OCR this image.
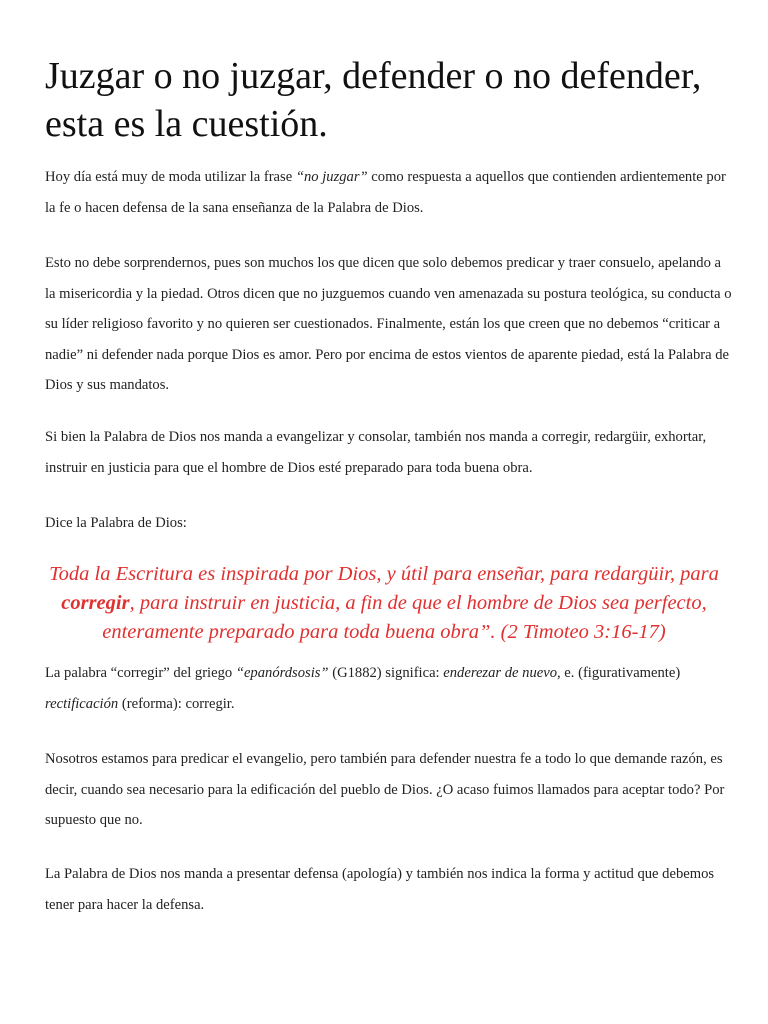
Juzgar o no juzgar, defender o no defender, esta es la cuestión.

Hoy día está muy de moda utilizar la frase “no juzgar” como respuesta a aquellos que contienden ardientemente por la fe o hacen defensa de la sana enseñanza de la Palabra de Dios.

Esto no debe sorprendernos, pues son muchos los que dicen que solo debemos predicar y traer consuelo, apelando a la misericordia y la piedad. Otros dicen que no juzguemos cuando ven amenazada su postura teológica, su conducta o su líder religioso favorito y no quieren ser cuestionados. Finalmente, están los que creen que no debemos “criticar a nadie” ni defender nada porque Dios es amor. Pero por encima de estos vientos de aparente piedad, está la Palabra de Dios y sus mandatos.

Si bien la Palabra de Dios nos manda a evangelizar y consolar, también nos manda a corregir, redargüir, exhortar, instruir en justicia para que el hombre de Dios esté preparado para toda buena obra.

Dice la Palabra de Dios:

Toda la Escritura es inspirada por Dios, y útil para enseñar, para redargüir, para corregir, para instruir en justicia, a fin de que el hombre de Dios sea perfecto, enteramente preparado para toda buena obra”. (2 Timoteo 3:16-17)

La palabra “corregir” del griego “epanórdsosis” (G1882) significa: enderezar de nuevo, e. (figurativamente) rectificación (reforma): corregir.

Nosotros estamos para predicar el evangelio, pero también para defender nuestra fe a todo lo que demande razón, es decir, cuando sea necesario para la edificación del pueblo de Dios. ¿O acaso fuimos llamados para aceptar todo? Por supuesto que no.

La Palabra de Dios nos manda a presentar defensa (apología) y también nos indica la forma y actitud que debemos tener para hacer la defensa.
